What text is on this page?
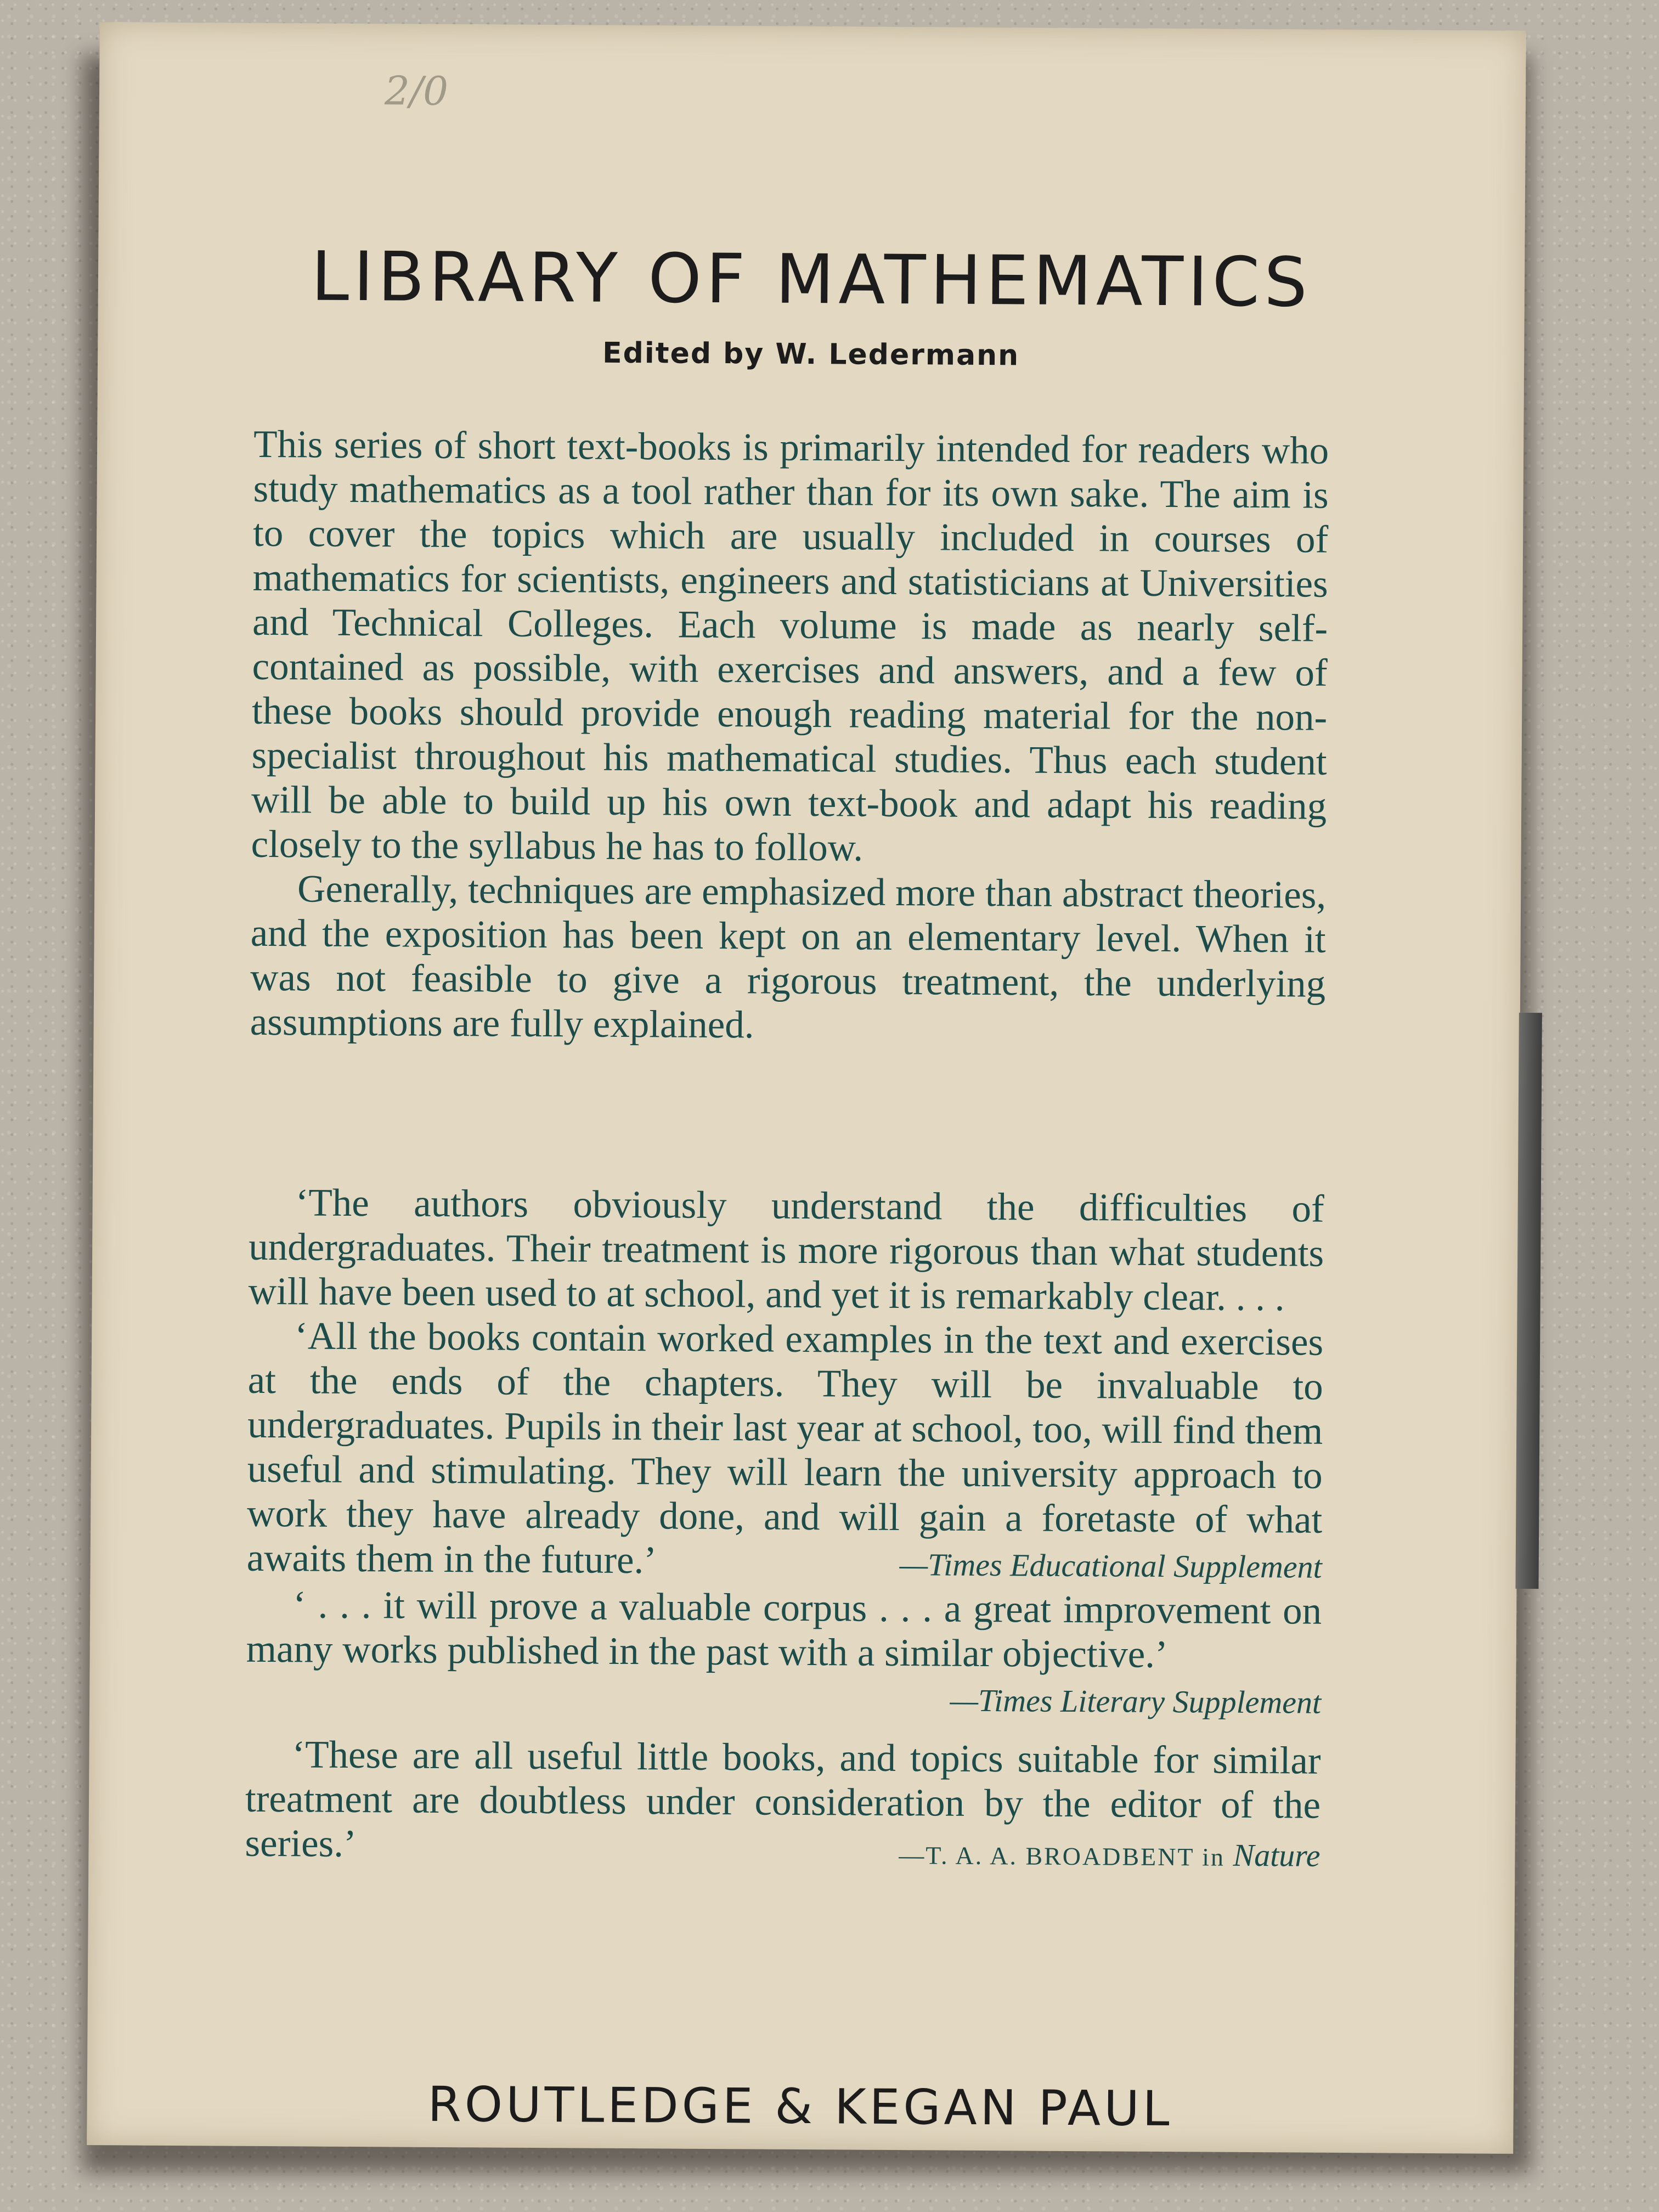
2/0
LIBRARY OF MATHEMATICS
Edited by W. Ledermann

This series of short text-books is primarily intended for readers who study mathematics as a tool rather than for its own sake. The aim is to cover the topics which are usually included in courses of mathematics for scientists, engineers and statisticians at Universities and Technical Colleges. Each volume is made as nearly self-contained as possible, with exercises and answers, and a few of these books should provide enough reading material for the non-specialist throughout his mathematical studies. Thus each student will be able to build up his own text-book and adapt his reading closely to the syllabus he has to follow.

Generally, techniques are emphasized more than abstract theories, and the exposition has been kept on an elementary level. When it was not feasible to give a rigorous treatment, the underlying assumptions are fully explained.

‘The authors obviously understand the difficulties of undergraduates. Their treatment is more rigorous than what students will have been used to at school, and yet it is remarkably clear. . . .

‘All the books contain worked examples in the text and exercises at the ends of the chapters. They will be invaluable to undergraduates. Pupils in their last year at school, too, will find them useful and stimulating. They will learn the university approach to work they have already done, and will gain a foretaste of what awaits them in the future.’	—Times Educational Supplement

‘ . . . it will prove a valuable corpus . . . a great improvement on many works published in the past with a similar objective.’
—Times Literary Supplement

‘These are all useful little books, and topics suitable for similar treatment are doubtless under consideration by the editor of the series.’	—T. A. A. BROADBENT in Nature

ROUTLEDGE & KEGAN PAUL
